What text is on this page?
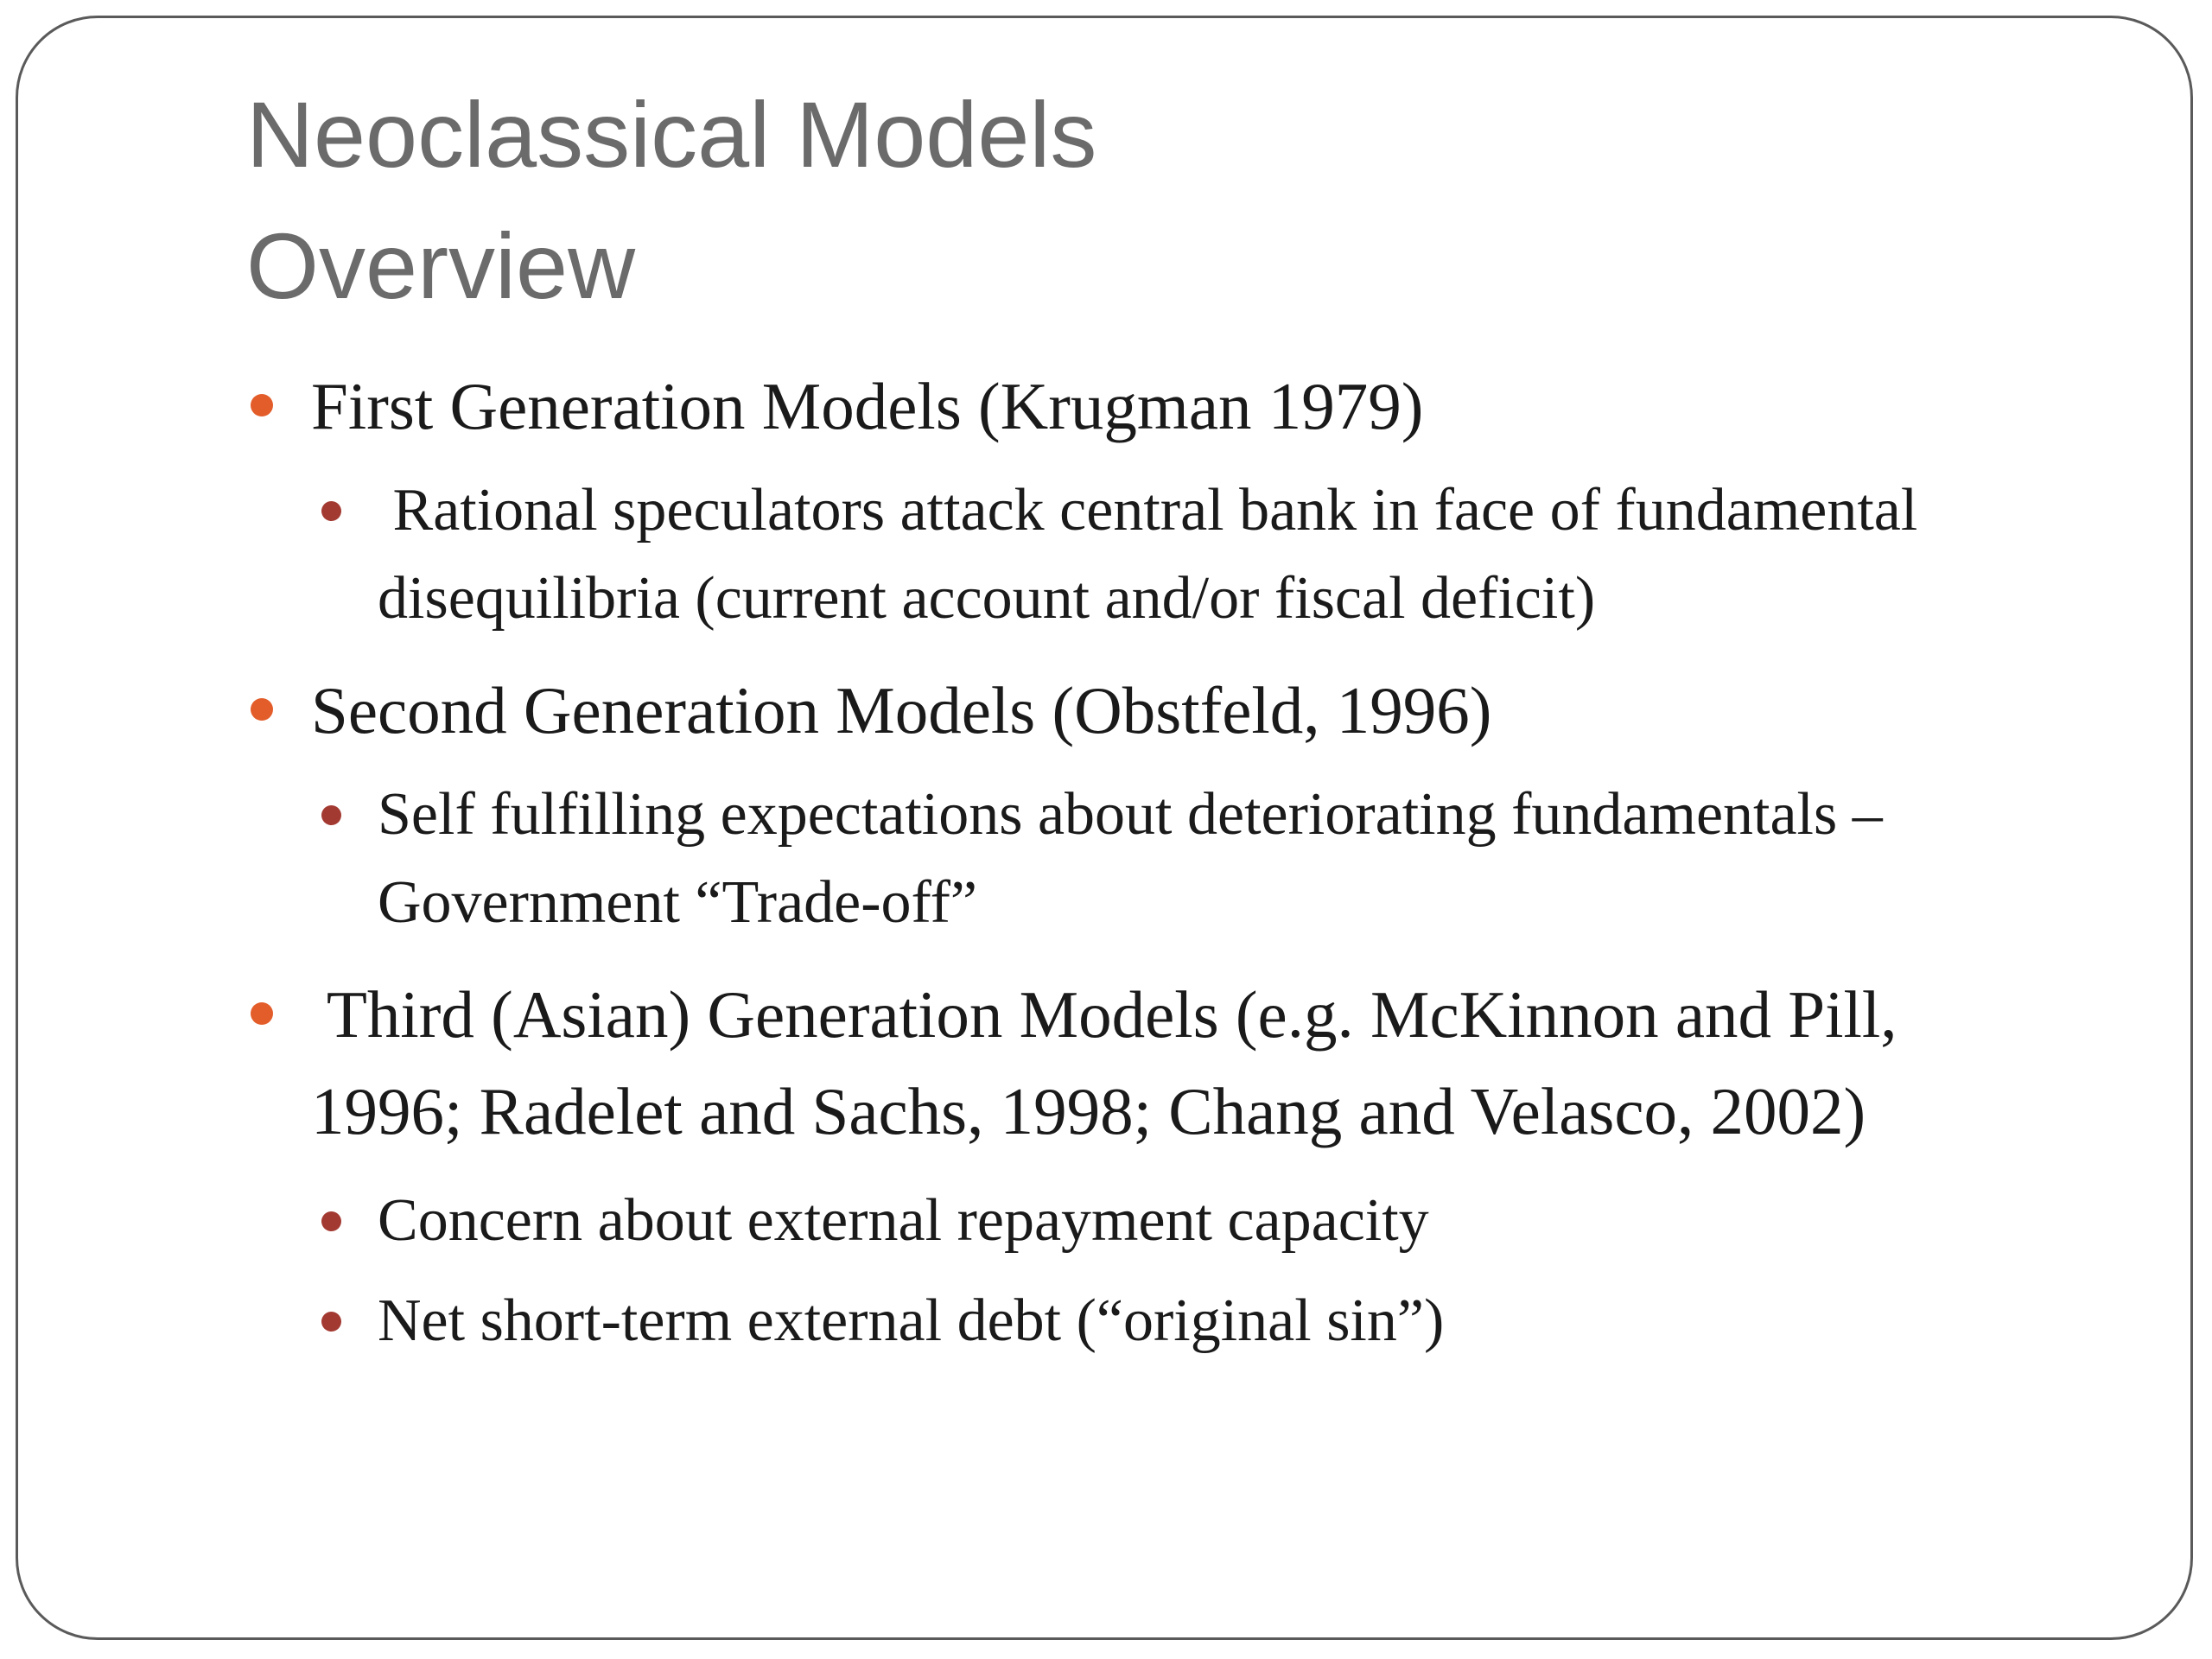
Neoclassical Models
Overview
First Generation Models (Krugman 1979)
Rational speculators attack central bank in face of fundamental
disequilibria (current account and/or fiscal deficit)
Second Generation Models (Obstfeld, 1996)
Self fulfilling expectations about deteriorating fundamentals –
Government “Trade-off”
Third (Asian) Generation Models (e.g. McKinnon and Pill,
1996; Radelet and Sachs, 1998; Chang and Velasco, 2002)
Concern about external repayment capacity
Net short-term external debt (“original sin”)
